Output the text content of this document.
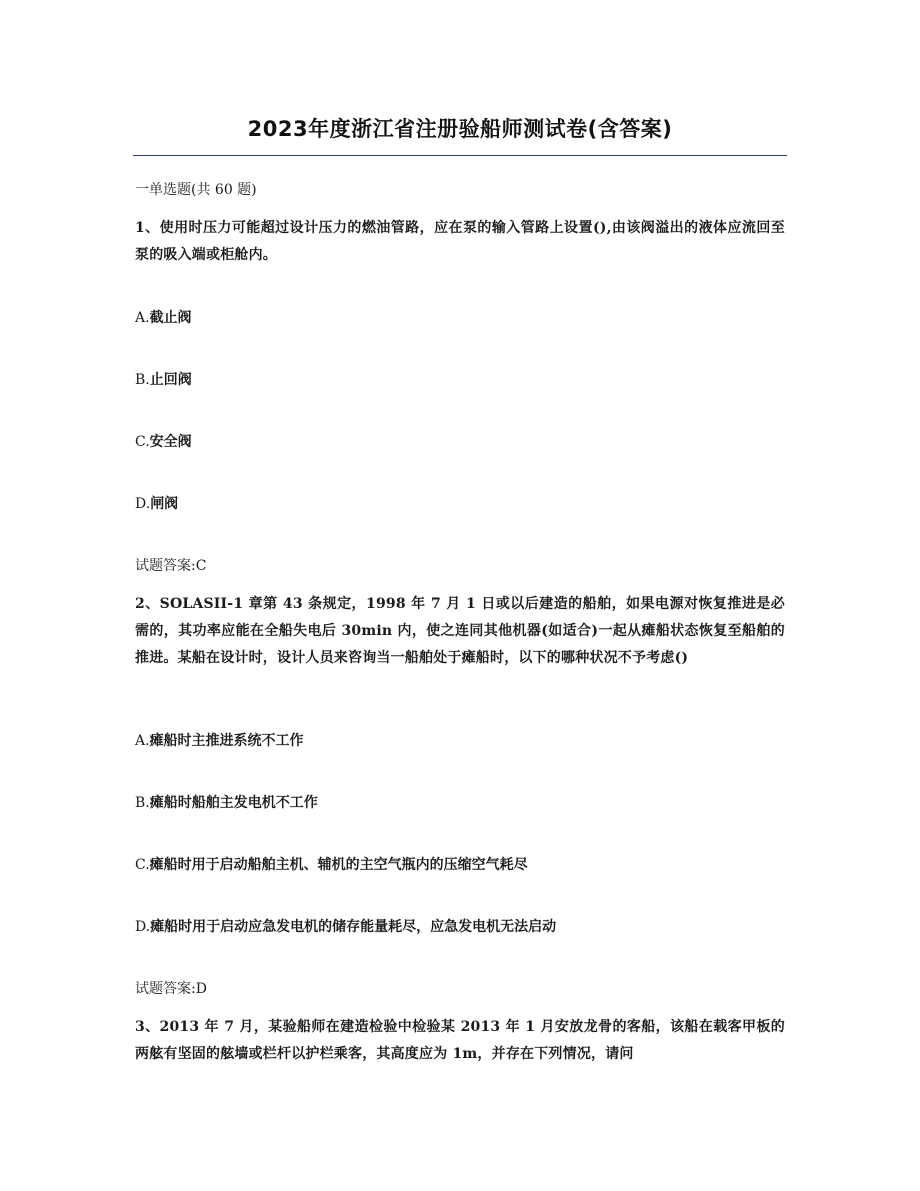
2023年度浙江省注册验船师测试卷(含答案)
一单选题(共 60 题)
1、使用时压力可能超过设计压力的燃油管路，应在泵的输入管路上设置(),由该阀溢出的液体应流回至泵的吸入端或柜舱内。
A.截止阀
B.止回阀
C.安全阀
D.闸阀
试题答案:C
2、SOLASII-1 章第 43 条规定，1998 年 7 月 1 日或以后建造的船舶，如果电源对恢复推进是必需的，其功率应能在全船失电后 30min 内，使之连同其他机器(如适合)一起从瘫船状态恢复至船舶的推进。某船在设计时，设计人员来咨询当一船舶处于瘫船时，以下的哪种状况不予考虑()
A.瘫船时主推进系统不工作
B.瘫船时船舶主发电机不工作
C.瘫船时用于启动船舶主机、辅机的主空气瓶内的压缩空气耗尽
D.瘫船时用于启动应急发电机的储存能量耗尽，应急发电机无法启动
试题答案:D
3、2013 年 7 月，某验船师在建造检验中检验某 2013 年 1 月安放龙骨的客船，该船在载客甲板的两舷有坚固的舷墙或栏杆以护栏乘客，其高度应为 1m，并存在下列情况，请问
